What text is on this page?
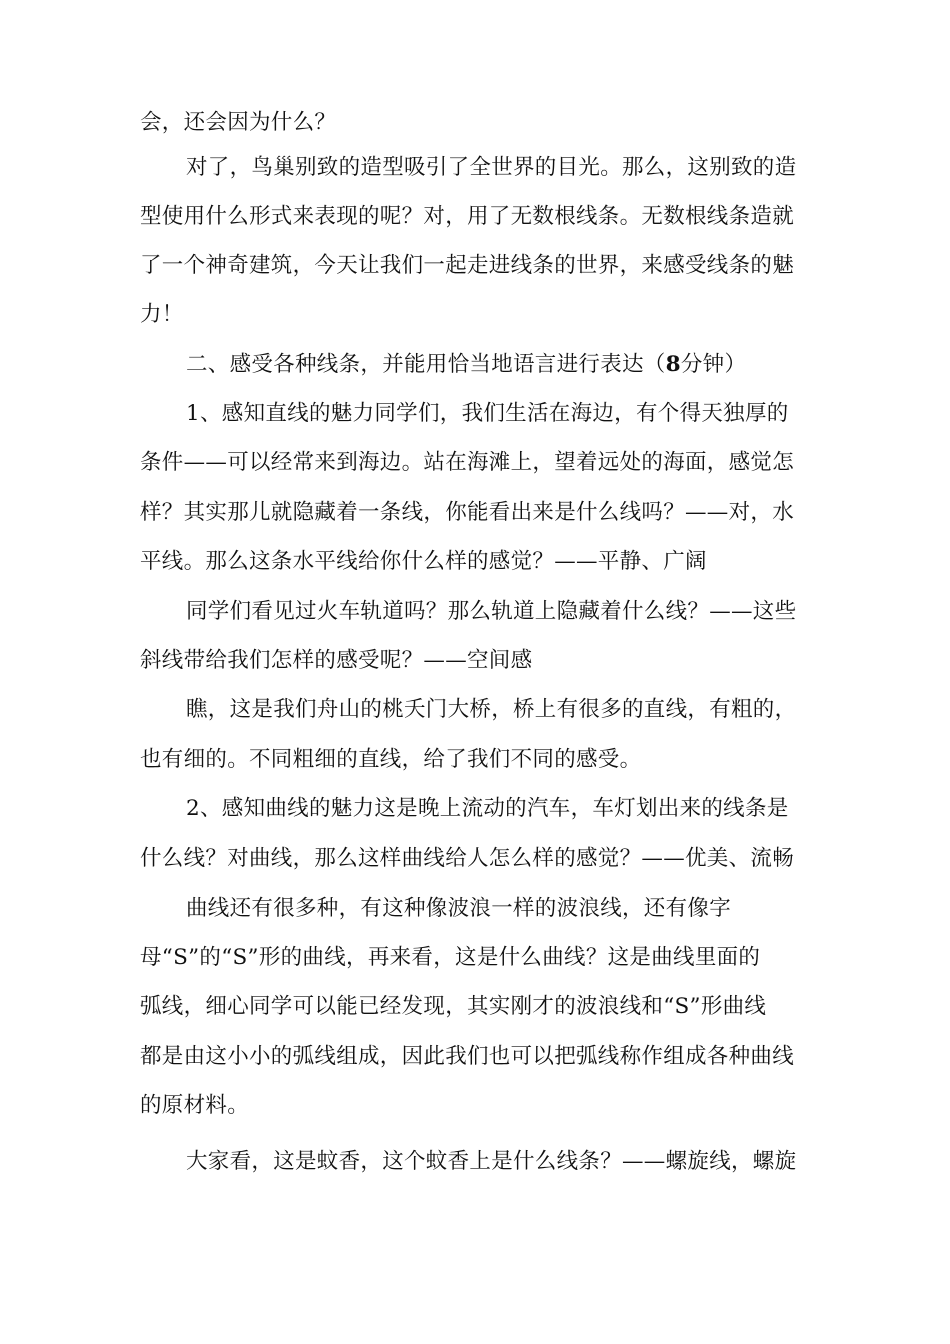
会，还会因为什么？
对了，鸟巢别致的造型吸引了全世界的目光。那么，这别致的造
型使用什么形式来表现的呢？对，用了无数根线条。无数根线条造就
了一个神奇建筑，今天让我们一起走进线条的世界，来感受线条的魅
力！
二、感受各种线条，并能用恰当地语言进行表达（8分钟）
1、感知直线的魅力同学们，我们生活在海边，有个得天独厚的
条件——可以经常来到海边。站在海滩上，望着远处的海面，感觉怎
样？其实那儿就隐藏着一条线，你能看出来是什么线吗？——对，水
平线。那么这条水平线给你什么样的感觉？——平静、广阔
同学们看见过火车轨道吗？那么轨道上隐藏着什么线？——这些
斜线带给我们怎样的感受呢？——空间感
瞧，这是我们舟山的桃夭门大桥，桥上有很多的直线，有粗的，
也有细的。不同粗细的直线，给了我们不同的感受。
2、感知曲线的魅力这是晚上流动的汽车，车灯划出来的线条是
什么线？对曲线，那么这样曲线给人怎么样的感觉？——优美、流畅
曲线还有很多种，有这种像波浪一样的波浪线，还有像字
母“S”的“S”形的曲线，再来看，这是什么曲线？这是曲线里面的
弧线，细心同学可以能已经发现，其实刚才的波浪线和“S”形曲线
都是由这小小的弧线组成，因此我们也可以把弧线称作组成各种曲线
的原材料。
大家看，这是蚊香，这个蚊香上是什么线条？——螺旋线，螺旋
